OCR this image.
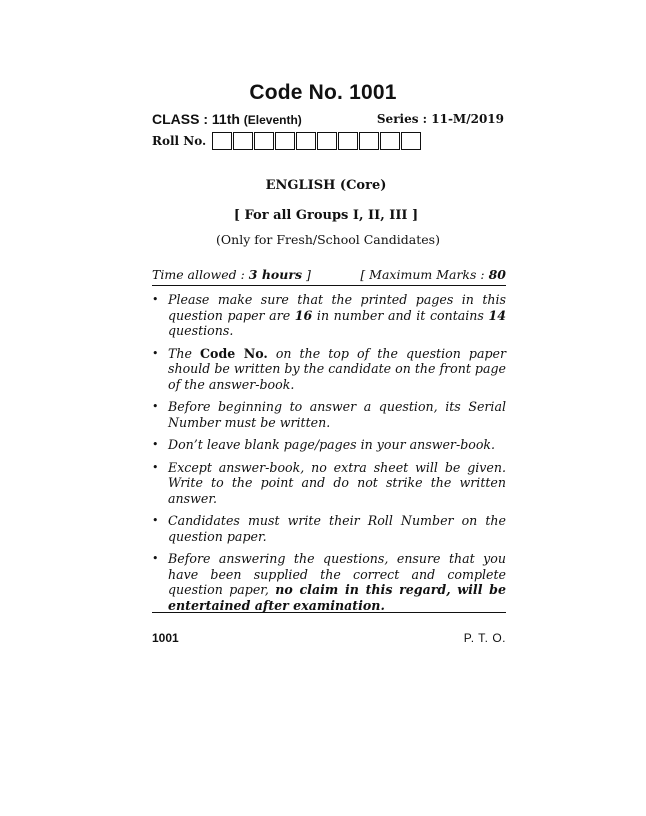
Code No. 1001
CLASS : 11th (Eleventh)	Series : 11-M/2019
Roll No.
ENGLISH (Core)
[ For all Groups I, II, III ]
(Only for Fresh/School Candidates)
Time allowed : 3 hours ]	[ Maximum Marks : 80
• Please make sure that the printed pages in this question paper are 16 in number and it contains 14 questions.
• The Code No. on the top of the question paper should be written by the candidate on the front page of the answer-book.
• Before beginning to answer a question, its Serial Number must be written.
• Don’t leave blank page/pages in your answer-book.
• Except answer-book, no extra sheet will be given. Write to the point and do not strike the written answer.
• Candidates must write their Roll Number on the question paper.
• Before answering the questions, ensure that you have been supplied the correct and complete question paper, no claim in this regard, will be entertained after examination.
1001	P. T. O.
